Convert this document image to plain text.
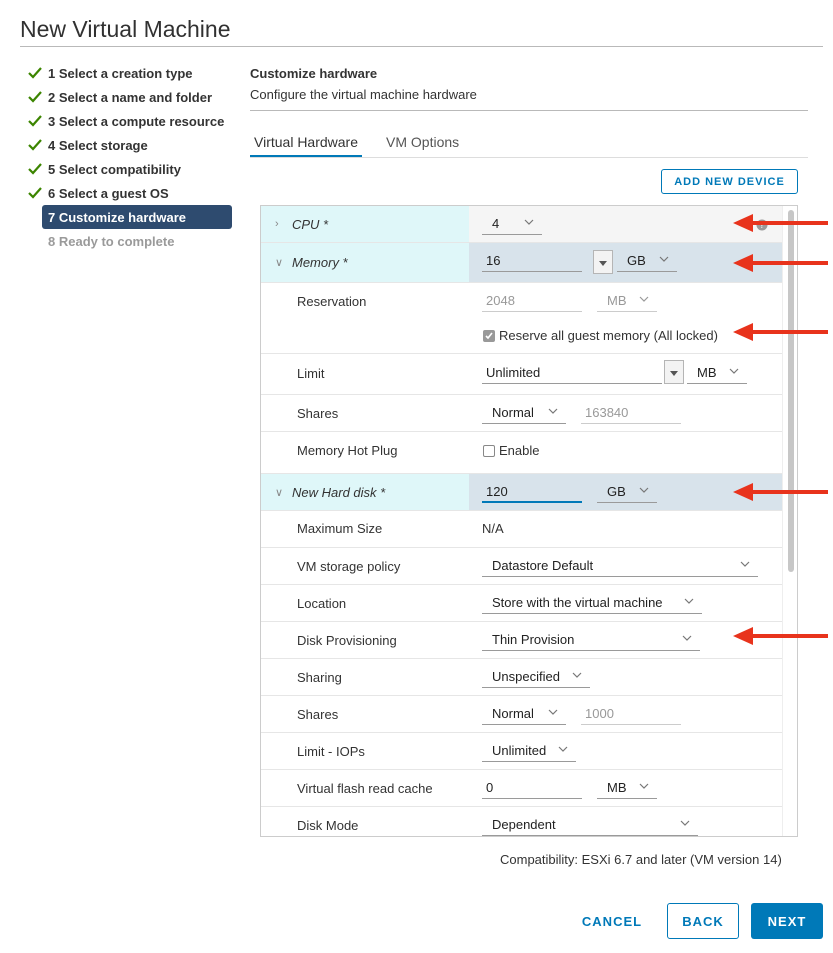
New Virtual Machine
1 Select a creation type
2 Select a name and folder
3 Select a compute resource
4 Select storage
5 Select compatibility
6 Select a guest OS
7 Customize hardware
8 Ready to complete
Customize hardware
Configure the virtual machine hardware
Virtual Hardware VM Options
ADD NEW DEVICE
› CPU *	4
∨ Memory *	16	GB
Reservation	2048	MB
Reserve all guest memory (All locked)
Limit	Unlimited	MB
Shares	Normal	163840
Memory Hot Plug	Enable
∨ New Hard disk *	120	GB
Maximum Size	N/A
VM storage policy	Datastore Default
Location	Store with the virtual machine
Disk Provisioning	Thin Provision
Sharing	Unspecified
Shares	Normal	1000
Limit - IOPs	Unlimited
Virtual flash read cache	0	MB
Disk Mode	Dependent
?
Compatibility: ESXi 6.7 and later (VM version 14)
CANCEL	BACK	NEXT
